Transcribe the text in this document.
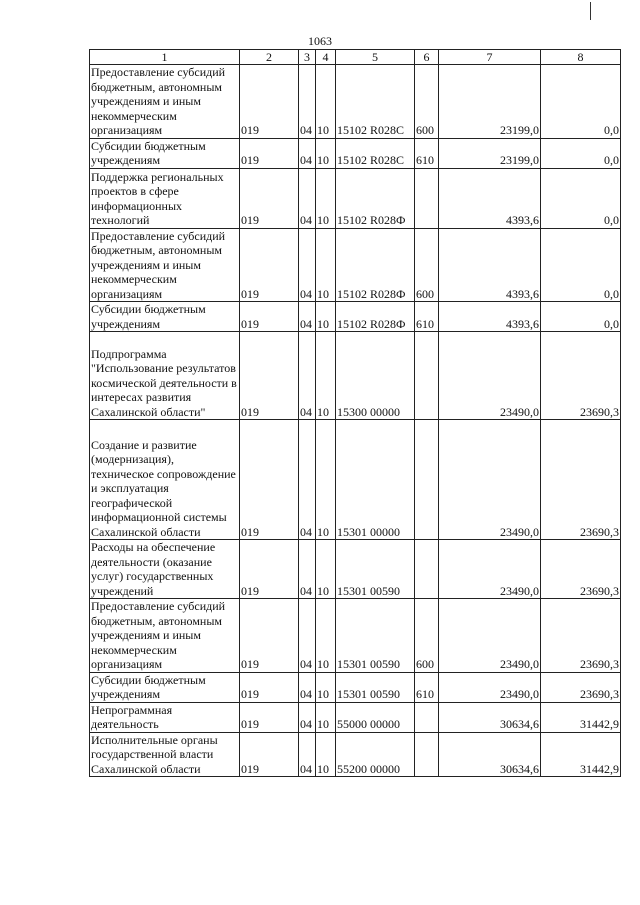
1063
1	2	3	4	5	6	7	8
Предоставление субсидий бюджетным, автономным учреждениям и иным некоммерческим организациям	019	04	10	15102 R028C	600	23199,0	0,0
Субсидии бюджетным учреждениям	019	04	10	15102 R028C	610	23199,0	0,0
Поддержка региональных проектов в сфере информационных технологий	019	04	10	15102 R028Ф		4393,6	0,0
Предоставление субсидий бюджетным, автономным учреждениям и иным некоммерческим организациям	019	04	10	15102 R028Ф	600	4393,6	0,0
Субсидии бюджетным учреждениям	019	04	10	15102 R028Ф	610	4393,6	0,0
Подпрограмма "Использование результатов космической деятельности в интересах развития Сахалинской области"	019	04	10	15300 00000		23490,0	23690,3
Создание и развитие (модернизация), техническое сопровождение и эксплуатация географической информационной системы Сахалинской области	019	04	10	15301 00000		23490,0	23690,3
Расходы на обеспечение деятельности (оказание услуг) государственных учреждений	019	04	10	15301 00590		23490,0	23690,3
Предоставление субсидий бюджетным, автономным учреждениям и иным некоммерческим организациям	019	04	10	15301 00590	600	23490,0	23690,3
Субсидии бюджетным учреждениям	019	04	10	15301 00590	610	23490,0	23690,3
Непрограммная деятельность	019	04	10	55000 00000		30634,6	31442,9
Исполнительные органы государственной власти Сахалинской области	019	04	10	55200 00000		30634,6	31442,9
